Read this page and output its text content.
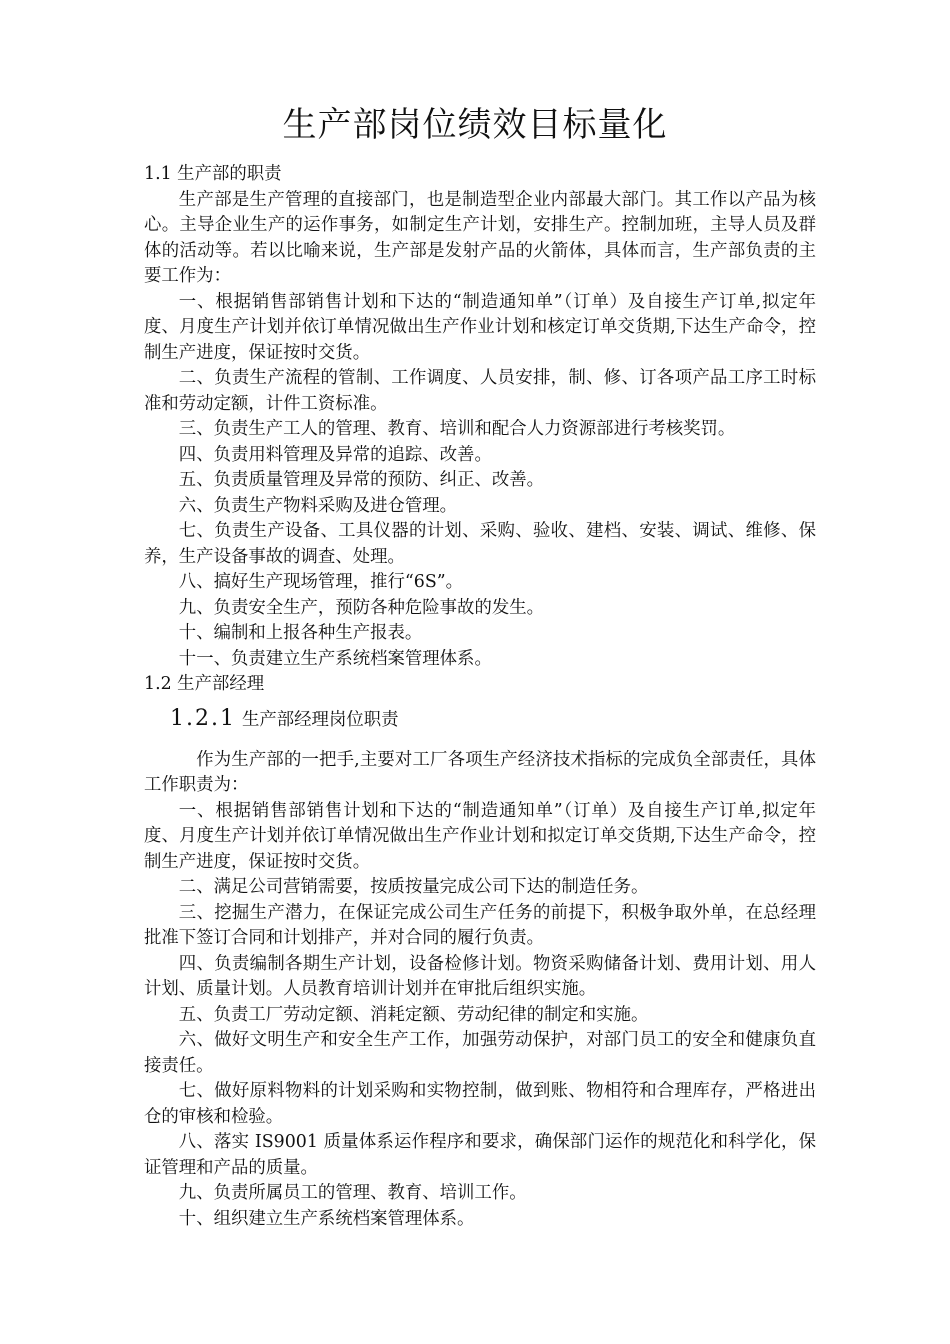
生产部岗位绩效目标量化

1.1 生产部的职责

生产部是生产管理的直接部门，也是制造型企业内部最大部门。其工作以产品为核心。主导企业生产的运作事务，如制定生产计划，安排生产。控制加班，主导人员及群体的活动等。若以比喻来说，生产部是发射产品的火箭体，具体而言，生产部负责的主要工作为：

一、根据销售部销售计划和下达的“制造通知单”（订单）及自接生产订单,拟定年度、月度生产计划并依订单情况做出生产作业计划和核定订单交货期,下达生产命令，控制生产进度，保证按时交货。

二、负责生产流程的管制、工作调度、人员安排，制、修、订各项产品工序工时标准和劳动定额，计件工资标准。

三、负责生产工人的管理、教育、培训和配合人力资源部进行考核奖罚。

四、负责用料管理及异常的追踪、改善。

五、负责质量管理及异常的预防、纠正、改善。

六、负责生产物料采购及进仓管理。

七、负责生产设备、工具仪器的计划、采购、验收、建档、安装、调试、维修、保养，生产设备事故的调查、处理。

八、搞好生产现场管理，推行“6S”。

九、负责安全生产，预防各种危险事故的发生。

十、编制和上报各种生产报表。

十一、负责建立生产系统档案管理体系。

1.2 生产部经理

1.2.1 生产部经理岗位职责

作为生产部的一把手,主要对工厂各项生产经济技术指标的完成负全部责任，具体工作职责为：

一、根据销售部销售计划和下达的“制造通知单”（订单）及自接生产订单,拟定年度、月度生产计划并依订单情况做出生产作业计划和拟定订单交货期,下达生产命令，控制生产进度，保证按时交货。

二、满足公司营销需要，按质按量完成公司下达的制造任务。

三、挖掘生产潜力，在保证完成公司生产任务的前提下，积极争取外单，在总经理批准下签订合同和计划排产，并对合同的履行负责。

四、负责编制各期生产计划，设备检修计划。物资采购储备计划、费用计划、用人计划、质量计划。人员教育培训计划并在审批后组织实施。

五、负责工厂劳动定额、消耗定额、劳动纪律的制定和实施。

六、做好文明生产和安全生产工作，加强劳动保护，对部门员工的安全和健康负直接责任。

七、做好原料物料的计划采购和实物控制，做到账、物相符和合理库存，严格进出仓的审核和检验。

八、落实 IS9001 质量体系运作程序和要求，确保部门运作的规范化和科学化，保证管理和产品的质量。

九、负责所属员工的管理、教育、培训工作。

十、组织建立生产系统档案管理体系。
